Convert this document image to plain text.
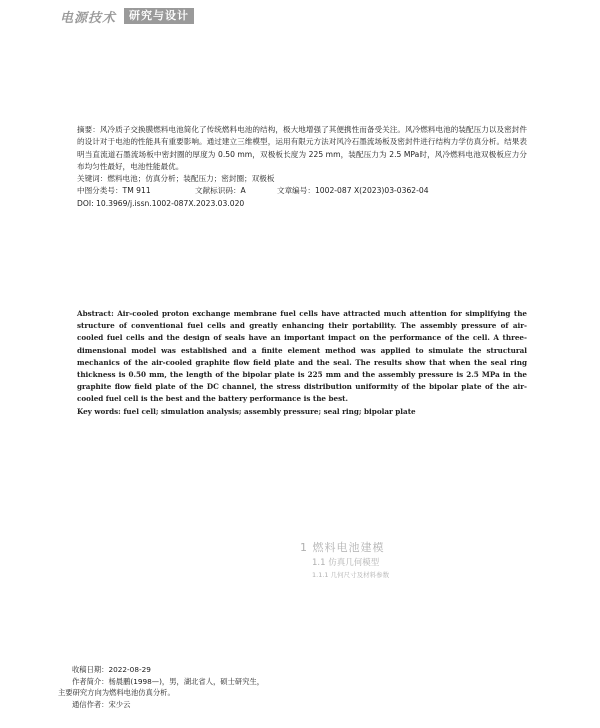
电源技术	研究与设计

摘要：风冷质子交换膜燃料电池简化了传统燃料电池的结构，极大地增强了其便携性而备受关注。风冷燃料电池的装配压力以及密封件的设计对于电池的性能具有重要影响。通过建立三维模型，运用有限元方法对风冷石墨流场板及密封件进行结构力学仿真分析。结果表明当直流道石墨流场板中密封圈的厚度为 0.50 mm，双极板长度为 225 mm，装配压力为 2.5 MPa时，风冷燃料电池双极板应力分布均匀性最好，电池性能最优。

关键词：燃料电池；仿真分析；装配压力；密封圈；双极板

中图分类号：TM 911	文献标识码：A	文章编号：1002-087 X(2023)03-0362-04

DOI: 10.3969/j.issn.1002-087X.2023.03.020

Abstract: Air-cooled proton exchange membrane fuel cells have attracted much attention for simplifying the structure of conventional fuel cells and greatly enhancing their portability. The assembly pressure of air-cooled fuel cells and the design of seals have an important impact on the performance of the cell. A three-dimensional model was established and a finite element method was applied to simulate the structural mechanics of the air-cooled graphite flow field plate and the seal. The results show that when the seal ring thickness is 0.50 mm, the length of the bipolar plate is 225 mm and the assembly pressure is 2.5 MPa in the graphite flow field plate of the DC channel, the stress distribution uniformity of the bipolar plate of the air-cooled fuel cell is the best and the battery performance is the best.

Key words: fuel cell; simulation analysis; assembly pressure; seal ring; bipolar plate

1 燃料电池建模
1.1 仿真几何模型
1.1.1 几何尺寸及材料参数
收稿日期：2022-08-29
作者简介：杨晨鹏(1998—)，男，湖北省人，硕士研究生，
主要研究方向为燃料电池仿真分析。
通信作者：宋少云
